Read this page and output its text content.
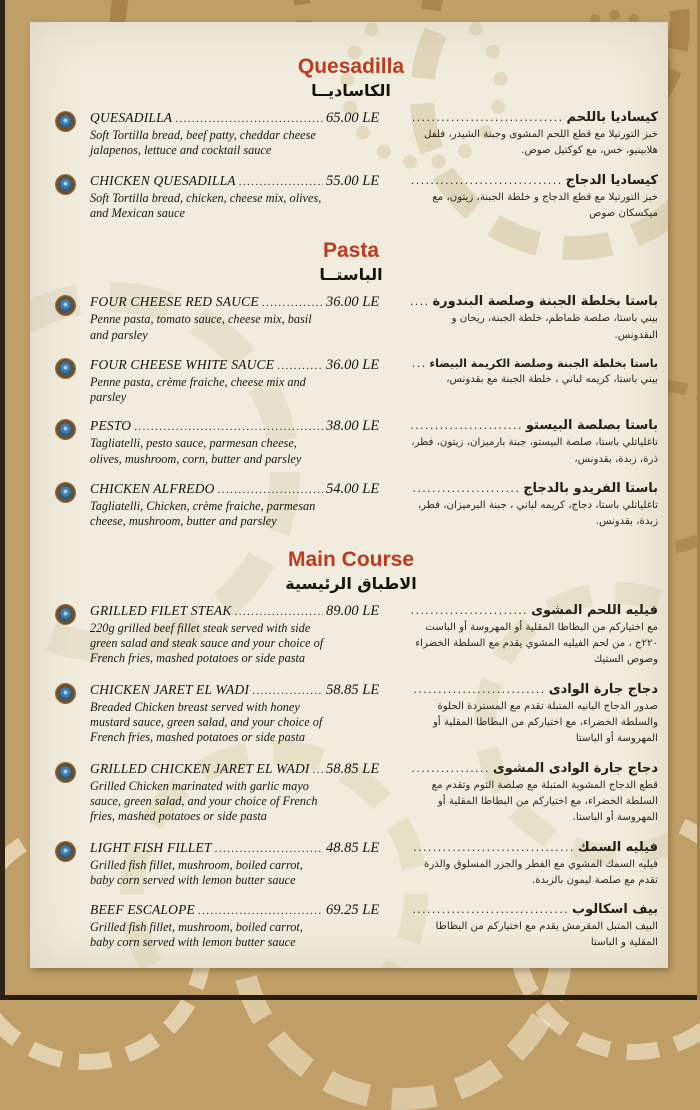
Quesadilla
الكاساديــا
QUESADILLA
.....
Soft Tortilla bread, beef patty, cheddar cheese jalapenos, lettuce and cocktail sauce
65.00 LE	كيساديا باللحم
.....
خبز التورتيلا مع قطع اللحم المشوى وجبنة الشيدر، فلفل هلابينيو، خس، مع كوكتيل صوص.
CHICKEN QUESADILLA
.....
Soft Tortilla bread, chicken, cheese mix, olives, and Mexican sauce
55.00 LE	كيساديا الدجاج
.....
خبز التورتيلا مع قطع الدجاج و خلطة الجبنة، زيتون، مع ميكسكان صوص
Pasta
الباستــا
FOUR CHEESE RED SAUCE
.....
Penne pasta, tomato sauce, cheese mix, basil and parsley
36.00 LE	باستا بخلطة الجبنة وصلصة البندورة
.....
بيني باستا، صلصة طماطم، خلطة الجبنة، ريحان و البقدونس.
FOUR CHEESE WHITE SAUCE
.....
Penne pasta, crème fraiche, cheese mix and parsley
36.00 LE	باستا بخلطة الجبنة وصلصة الكريمة البيضاء
.....
بيني باستا، كريمه لباني ، خلطة الجبنة مع بقدونس،
PESTO
.....
Tagliatelli, pesto sauce, parmesan cheese, olives, mushroom, corn, butter and parsley
38.00 LE	باستا بصلصة البيستو
.....
تاغلياتلي باستا، صلصة البيستو، جبنة بارميزان، زيتون، فطر، ذرة، زبدة، بقدونس،
CHICKEN ALFREDO
.....
Tagliatelli, Chicken, crème fraiche, parmesan cheese, mushroom, butter and parsley
54.00 LE	باستا الفريدو بالدجاج
.....
تاغلياتلي باستا، دجاج، كريمه لباني ، جبنة البرميزان، فطر، زبدة، بقدونس.
Main Course
الاطباق الرئيسية
GRILLED FILET STEAK
.....
220g grilled beef fillet steak served with side green salad and steak sauce and your choice of French fries, mashed potatoes or side pasta
89.00 LE	فيليه اللحم المشوى
.....
مع اختياركم من البطاطا المقلية أو المهروسة أو الباست ٢٢٠ج ، من لحم الفيليه المشوي يقدم مع السلطة الخضراء وصوص الستيك
CHICKEN JARET EL WADI
.....
Breaded Chicken breast served with honey mustard sauce, green salad, and your choice of French fries, mashed potatoes or side pasta
58.85 LE	دجاج جارة الوادى
.....
صدور الدجاج البانيه المتبلة تقدم مع المستردة الحلوة والسلطة الخضراء، مع اختياركم من البطاطا المقلية أو المهروسة أو الباستا
GRILLED CHICKEN JARET EL WADI
.....
Grilled Chicken marinated with garlic mayo sauce, green salad, and your choice of French fries, mashed potatoes or side pasta
58.85 LE	دجاج جارة الوادى المشوى
.....
قطع الدجاج المشوية المتبلة مع صلصة الثوم وتقدم مع السلطة الخضراء، مع اختياركم من البطاطا المقلية أو المهروسة أو الباستا.
LIGHT FISH FILLET
.....
Grilled fish fillet, mushroom, boiled carrot, baby corn served with lemon butter sauce
48.85 LE	فيليه السمك
.....
فيليه السمك المشوي مع الفطر والجزر المسلوق والذرة تقدم مع صلصة ليمون بالزبدة.
BEEF ESCALOPE
.....
Grilled fish fillet, mushroom, boiled carrot, baby corn served with lemon butter sauce
69.25 LE	بيف اسكالوب
.....
البيف المتبل المقرمش يقدم مع اختياركم من البطاطا المقلية و الباستا
